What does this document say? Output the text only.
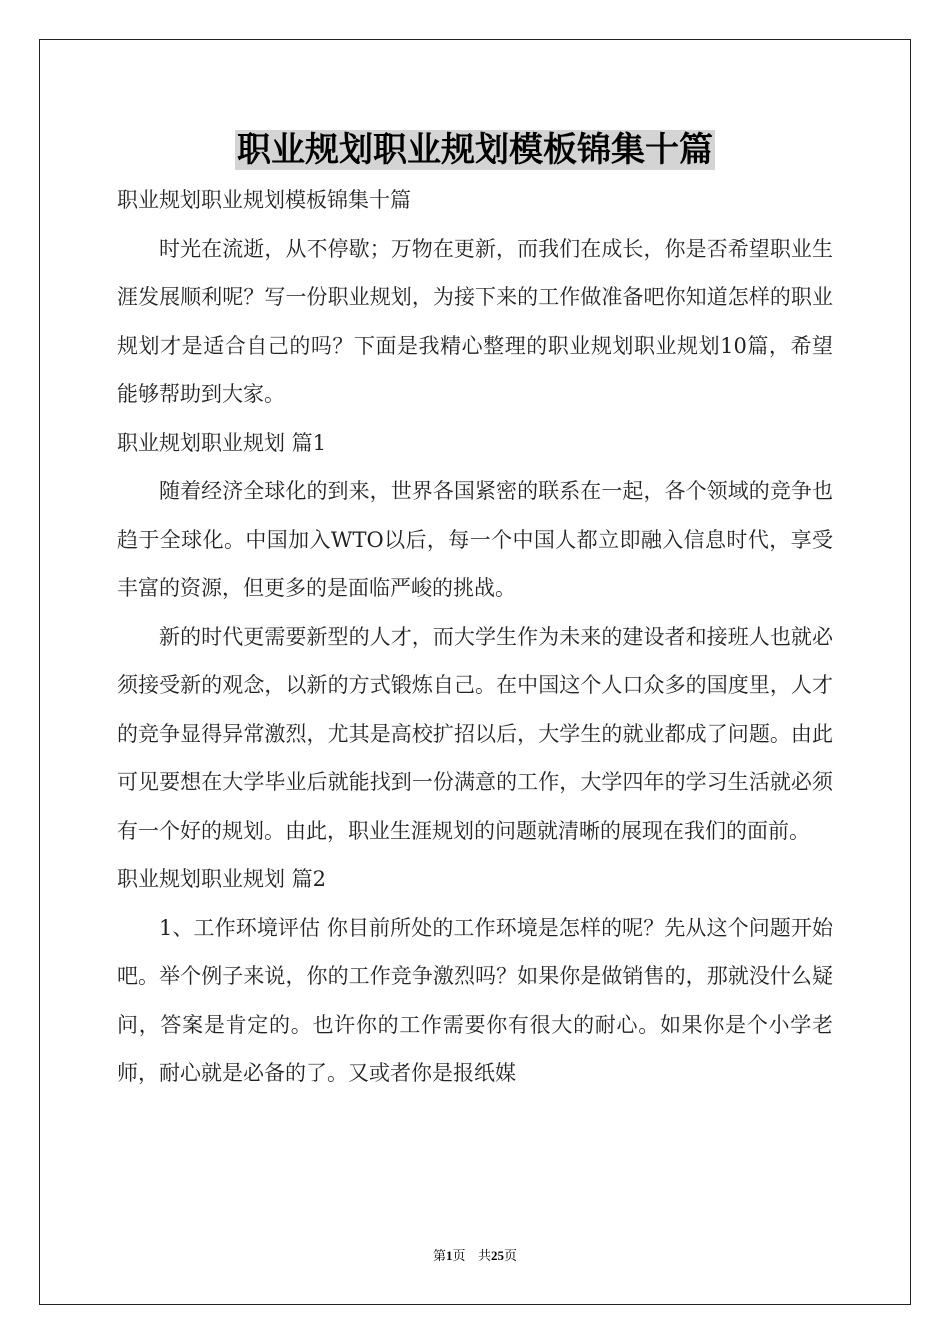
职业规划职业规划模板锦集十篇

职业规划职业规划模板锦集十篇

时光在流逝，从不停歇；万物在更新，而我们在成长，你是否希望职业生涯发展顺利呢？写一份职业规划，为接下来的工作做准备吧你知道怎样的职业规划才是适合自己的吗？下面是我精心整理的职业规划职业规划10篇，希望能够帮助到大家。

职业规划职业规划 篇1

随着经济全球化的到来，世界各国紧密的联系在一起，各个领域的竞争也趋于全球化。中国加入WTO以后，每一个中国人都立即融入信息时代，享受丰富的资源，但更多的是面临严峻的挑战。

新的时代更需要新型的人才，而大学生作为未来的建设者和接班人也就必须接受新的观念，以新的方式锻炼自己。在中国这个人口众多的国度里，人才的竞争显得异常激烈，尤其是高校扩招以后，大学生的就业都成了问题。由此可见要想在大学毕业后就能找到一份满意的工作，大学四年的学习生活就必须有一个好的规划。由此，职业生涯规划的问题就清晰的展现在我们的面前。

职业规划职业规划 篇2

1、工作环境评估 你目前所处的工作环境是怎样的呢？先从这个问题开始吧。举个例子来说，你的工作竞争激烈吗？如果你是做销售的，那就没什么疑问，答案是肯定的。也许你的工作需要你有很大的耐心。如果你是个小学老师，耐心就是必备的了。又或者你是报纸媒

第1页 共25页
